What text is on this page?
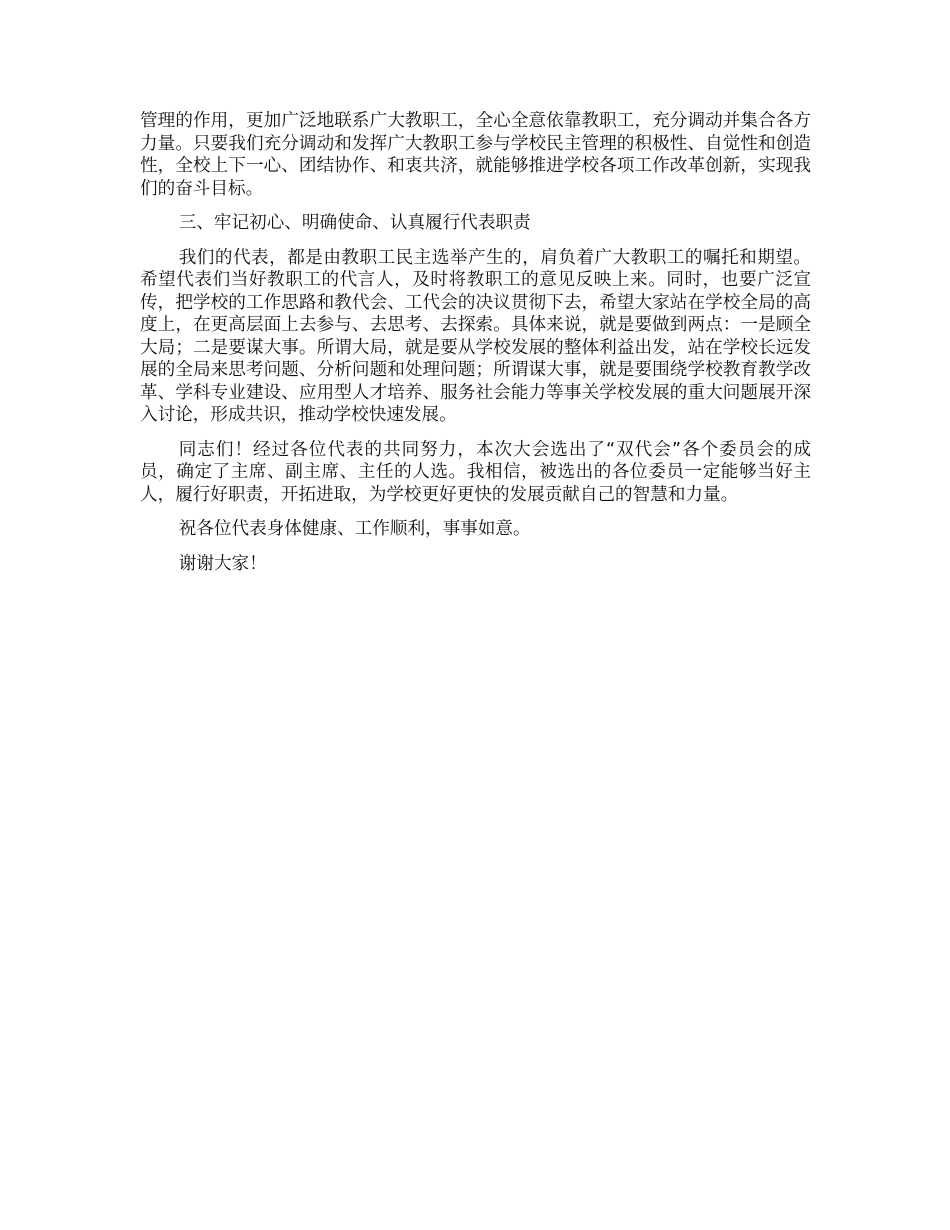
管理的作用，更加广泛地联系广大教职工，全心全意依靠教职工，充分调动并集合各方力量。只要我们充分调动和发挥广大教职工参与学校民主管理的积极性、自觉性和创造性，全校上下一心、团结协作、和衷共济，就能够推进学校各项工作改革创新，实现我们的奋斗目标。

三、牢记初心、明确使命、认真履行代表职责

我们的代表，都是由教职工民主选举产生的，肩负着广大教职工的嘱托和期望。希望代表们当好教职工的代言人，及时将教职工的意见反映上来。同时，也要广泛宣传，把学校的工作思路和教代会、工代会的决议贯彻下去，希望大家站在学校全局的高度上，在更高层面上去参与、去思考、去探索。具体来说，就是要做到两点：一是顾全大局；二是要谋大事。所谓大局，就是要从学校发展的整体利益出发，站在学校长远发展的全局来思考问题、分析问题和处理问题；所谓谋大事，就是要围绕学校教育教学改革、学科专业建设、应用型人才培养、服务社会能力等事关学校发展的重大问题展开深入讨论，形成共识，推动学校快速发展。

同志们！经过各位代表的共同努力，本次大会选出了“双代会”各个委员会的成员，确定了主席、副主席、主任的人选。我相信，被选出的各位委员一定能够当好主人，履行好职责，开拓进取，为学校更好更快的发展贡献自己的智慧和力量。

祝各位代表身体健康、工作顺利，事事如意。

谢谢大家！
